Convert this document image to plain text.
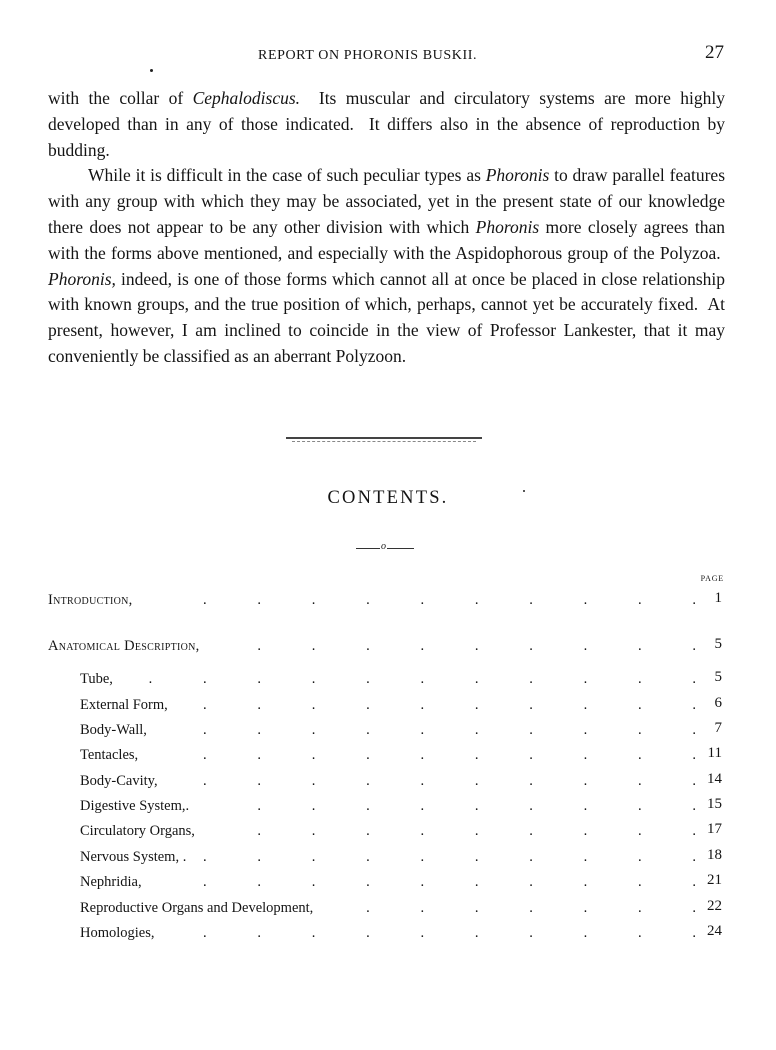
REPORT ON PHORONIS BUSKII.	27

with the collar of Cephalodiscus.  Its muscular and circulatory systems are more highly developed than in any of those indicated.  It differs also in the absence of reproduction by budding.

While it is difficult in the case of such peculiar types as Phoronis to draw parallel features with any group with which they may be associated, yet in the present state of our knowledge there does not appear to be any other division with which Phoronis more closely agrees than with the forms above mentioned, and especially with the Aspidophorous group of the Polyzoa.  Phoronis, indeed, is one of those forms which cannot all at once be placed in close relationship with known groups, and the true position of which, perhaps, cannot yet be accurately fixed.  At present, however, I am inclined to coincide in the view of Professor Lankester, that it may conveniently be classified as an aberrant Polyzoon.

CONTENTS.
o
PAGE
Introduction,	.    .    .    .    .    .    .    .    .    .	1
Anatomical Description,	.    .    .    .    .    .    .    .    .	5
Tube,	.    .    .    .    .    .    .    .    .    .    .	5
External Form,	.    .    .    .    .    .    .    .    .    .	6
Body-Wall,	.    .    .    .    .    .    .    .    .    .	7
Tentacles,	.    .    .    .    .    .    .    .    .    . 11
Body-Cavity,	.    .    .    .    .    .    .    .    .    . 14
Digestive System,.	.    .    .    .    .    .    .    .    . 15
Circulatory Organs,	.    .    .    .    .    .    .    .    . 17
Nervous System, .	.    .    .    .    .    .    .    .    .    . 18
Nephridia,	.    .    .    .    .    .    .    .    .    . 21
Reproductive Organs and Development,	.    .    .    .    .    .    . 22
Homologies,	.    .    .    .    .    .    .    .    .    . 24
